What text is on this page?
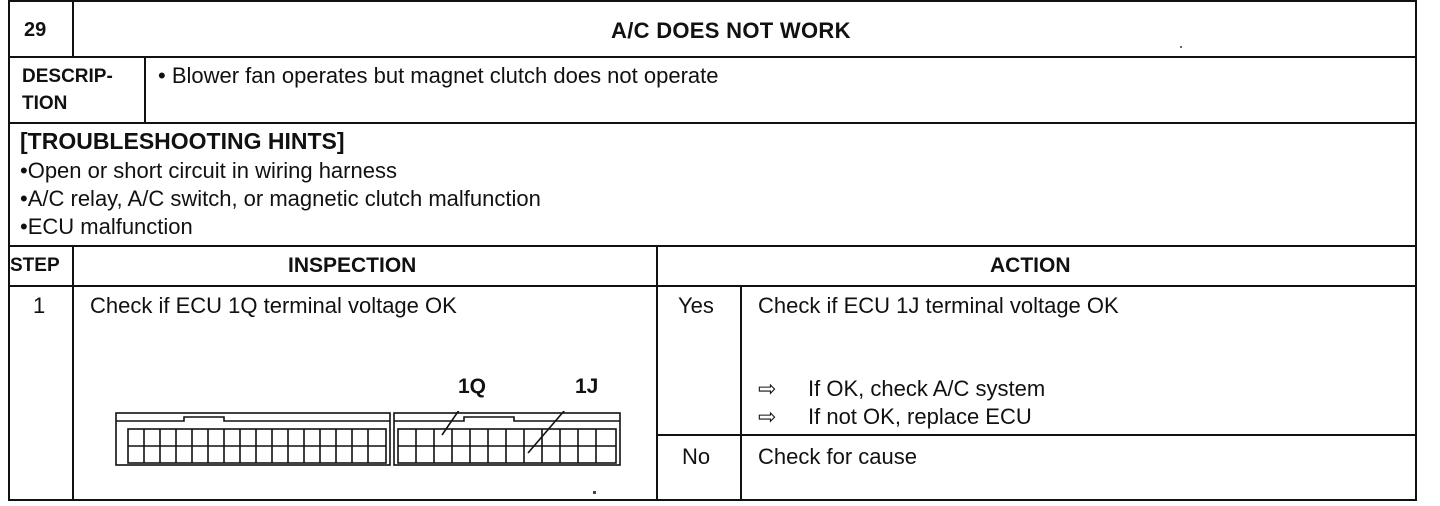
29	A/C DOES NOT WORK
DESCRIP-
TION
• Blower fan operates but magnet clutch does not operate
[TROUBLESHOOTING HINTS]
•Open or short circuit in wiring harness
•A/C relay, A/C switch, or magnetic clutch malfunction
•ECU malfunction
STEP	INSPECTION	ACTION
1 Check if ECU 1Q terminal voltage OK
1Q	1J
Yes Check if ECU 1J terminal voltage OK
⇨ If OK, check A/C system
⇨ If not OK, replace ECU
No Check for cause
